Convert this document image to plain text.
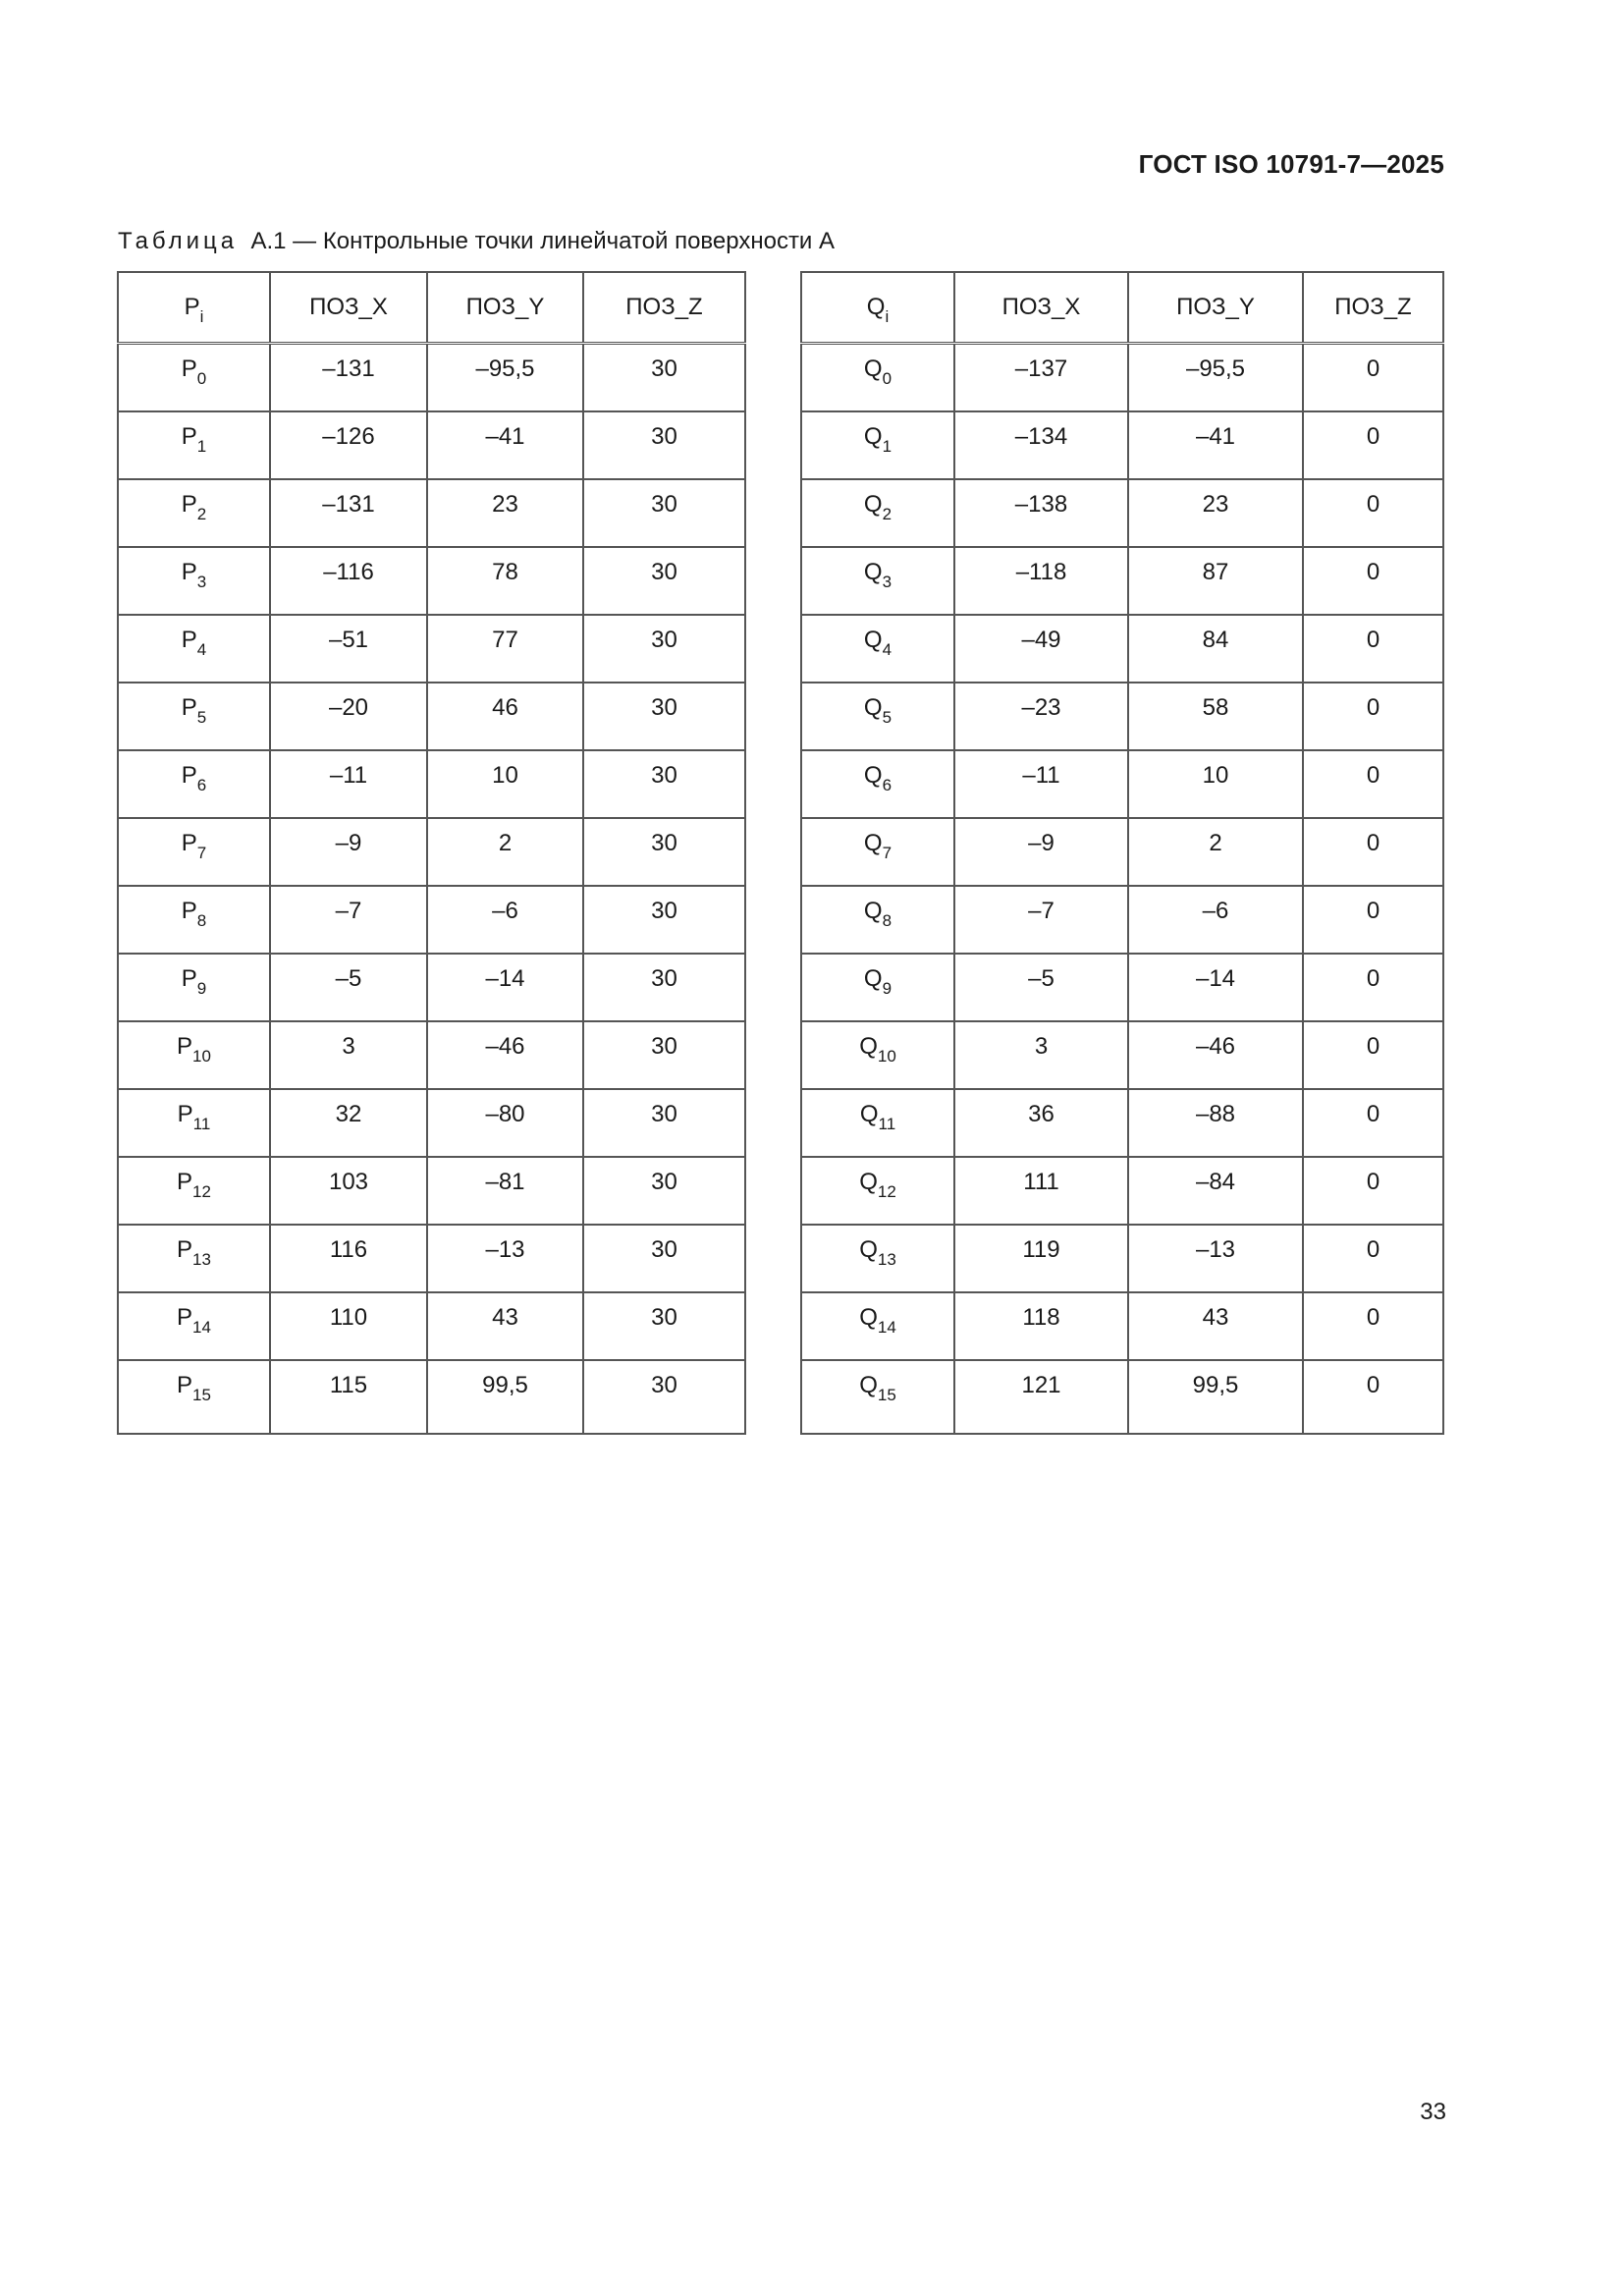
ГОСТ ISO 10791-7—2025
Таблица А.1 — Контрольные точки линейчатой поверхности А
$P_i$	ПОЗ_X	ПОЗ_Y	ПОЗ_Z
$P_0$	–131	–95,5	30
$P_1$	–126	–41	30
$P_2$	–131	23	30
$P_3$	–116	78	30
$P_4$	–51	77	30
$P_5$	–20	46	30
$P_6$	–11	10	30
$P_7$	–9	2	30
$P_8$	–7	–6	30
$P_9$	–5	–14	30
$P_{10}$	3	–46	30
$P_{11}$	32	–80	30
$P_{12}$	103	–81	30
$P_{13}$	116	–13	30
$P_{14}$	110	43	30
$P_{15}$	115	99,5	30
$Q_i$	ПОЗ_X	ПОЗ_Y	ПОЗ_Z
$Q_0$	–137	–95,5	0
$Q_1$	–134	–41	0
$Q_2$	–138	23	0
$Q_3$	–118	87	0
$Q_4$	–49	84	0
$Q_5$	–23	58	0
$Q_6$	–11	10	0
$Q_7$	–9	2	0
$Q_8$	–7	–6	0
$Q_9$	–5	–14	0
$Q_{10}$	3	–46	0
$Q_{11}$	36	–88	0
$Q_{12}$	111	–84	0
$Q_{13}$	119	–13	0
$Q_{14}$	118	43	0
$Q_{15}$	121	99,5	0
33
